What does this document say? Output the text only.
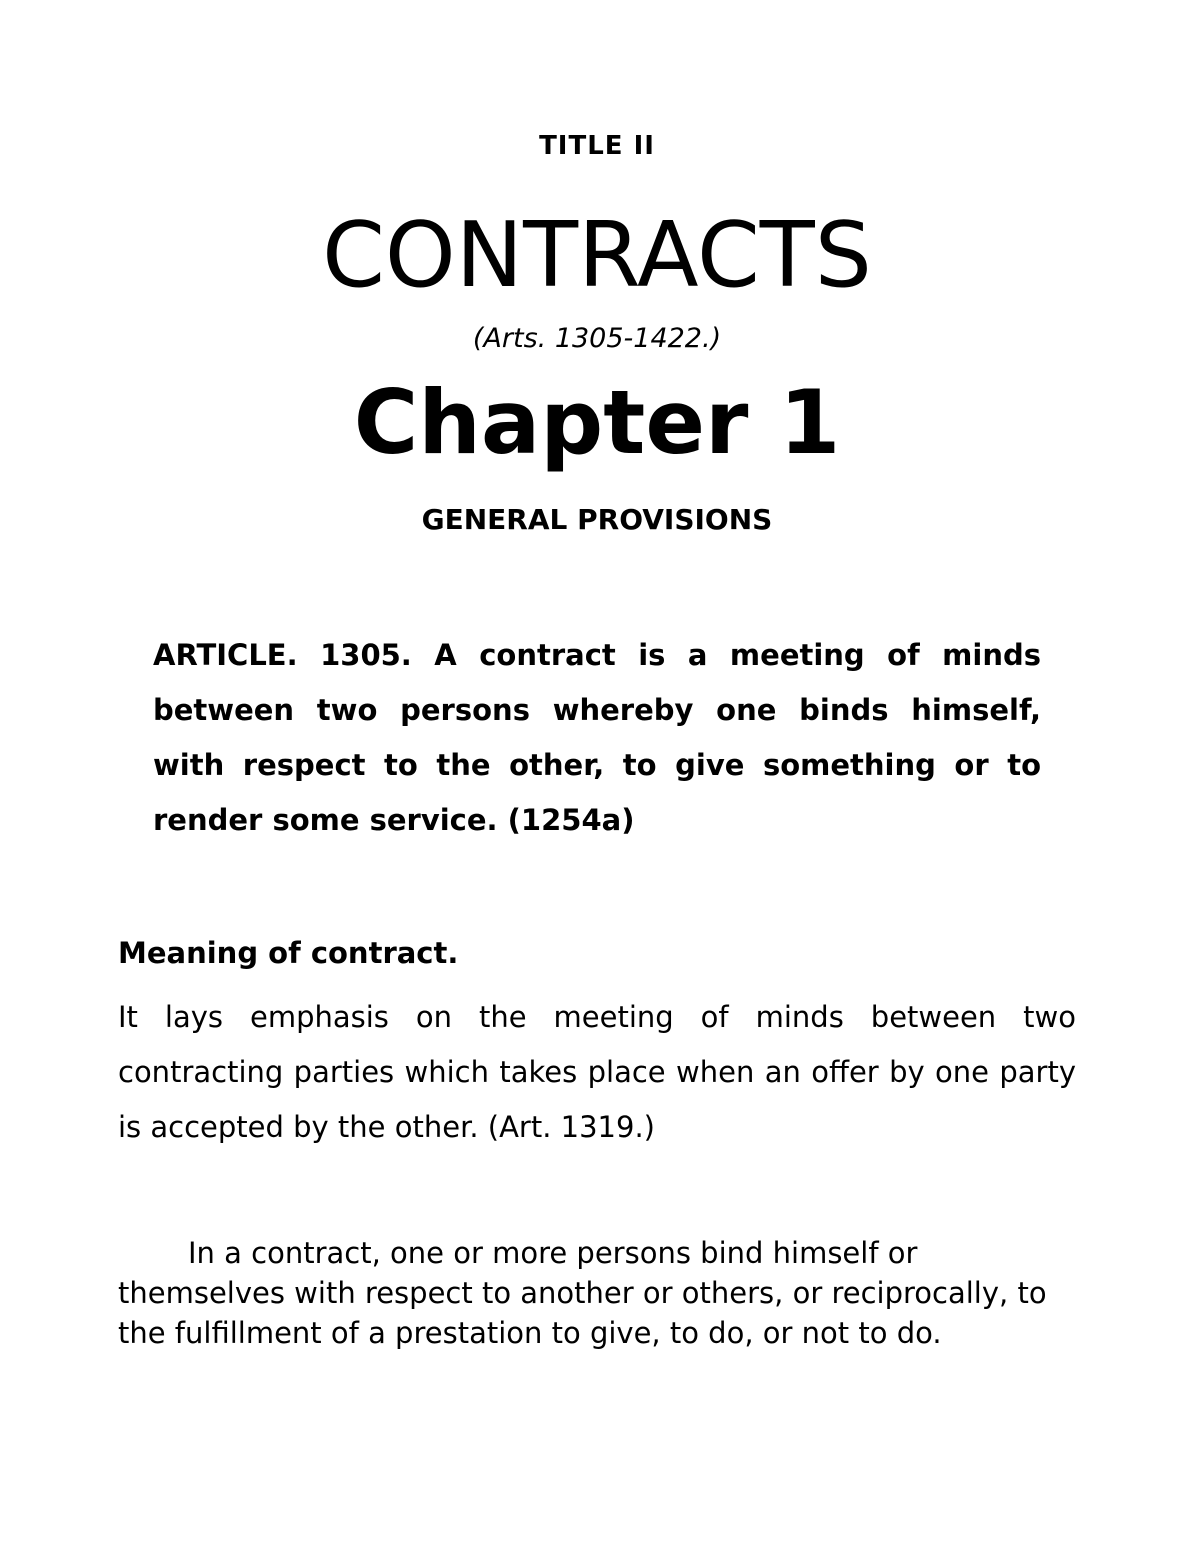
TITLE II
CONTRACTS
(Arts. 1305-1422.)
Chapter 1
GENERAL PROVISIONS
ARTICLE. 1305. A contract is a meeting of minds between two persons whereby one binds himself, with respect to the other, to give something or to render some service. (1254a)
Meaning of contract.
It lays emphasis on the meeting of minds between two contracting parties which takes place when an offer by one party is accepted by the other. (Art. 1319.)
In a contract, one or more persons bind himself or themselves with respect to another or others, or reciprocally, to the fulfillment of a prestation to give, to do, or not to do.
